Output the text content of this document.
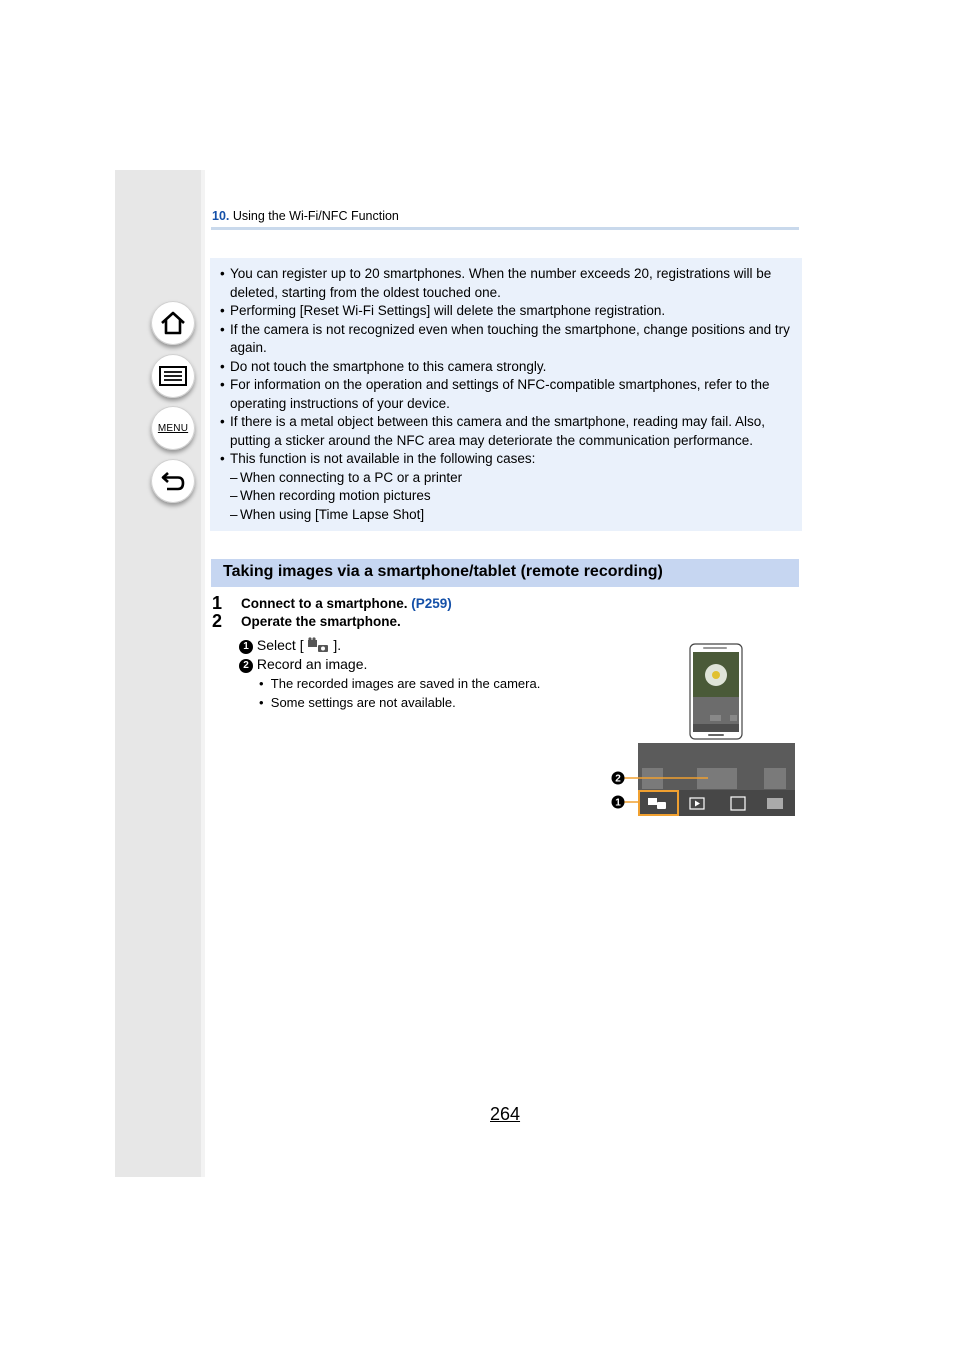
MENU
10. Using the Wi-Fi/NFC Function
• You can register up to 20 smartphones. When the number exceeds 20, registrations will be
deleted, starting from the oldest touched one.
• Performing [Reset Wi-Fi Settings] will delete the smartphone registration.
• If the camera is not recognized even when touching the smartphone, change positions and try
again.
• Do not touch the smartphone to this camera strongly.
• For information on the operation and settings of NFC-compatible smartphones, refer to the
operating instructions of your device.
• If there is a metal object between this camera and the smartphone, reading may fail. Also,
putting a sticker around the NFC area may deteriorate the communication performance.
• This function is not available in the following cases:
– When connecting to a PC or a printer
– When recording motion pictures
– When using [Time Lapse Shot]
Taking images via a smartphone/tablet (remote recording)
1	Connect to a smartphone. (P259)
2	Operate the smartphone.
1 Select [ ].
2 Record an image.
•  The recorded images are saved in the camera.
•  Some settings are not available.
2
1
264
